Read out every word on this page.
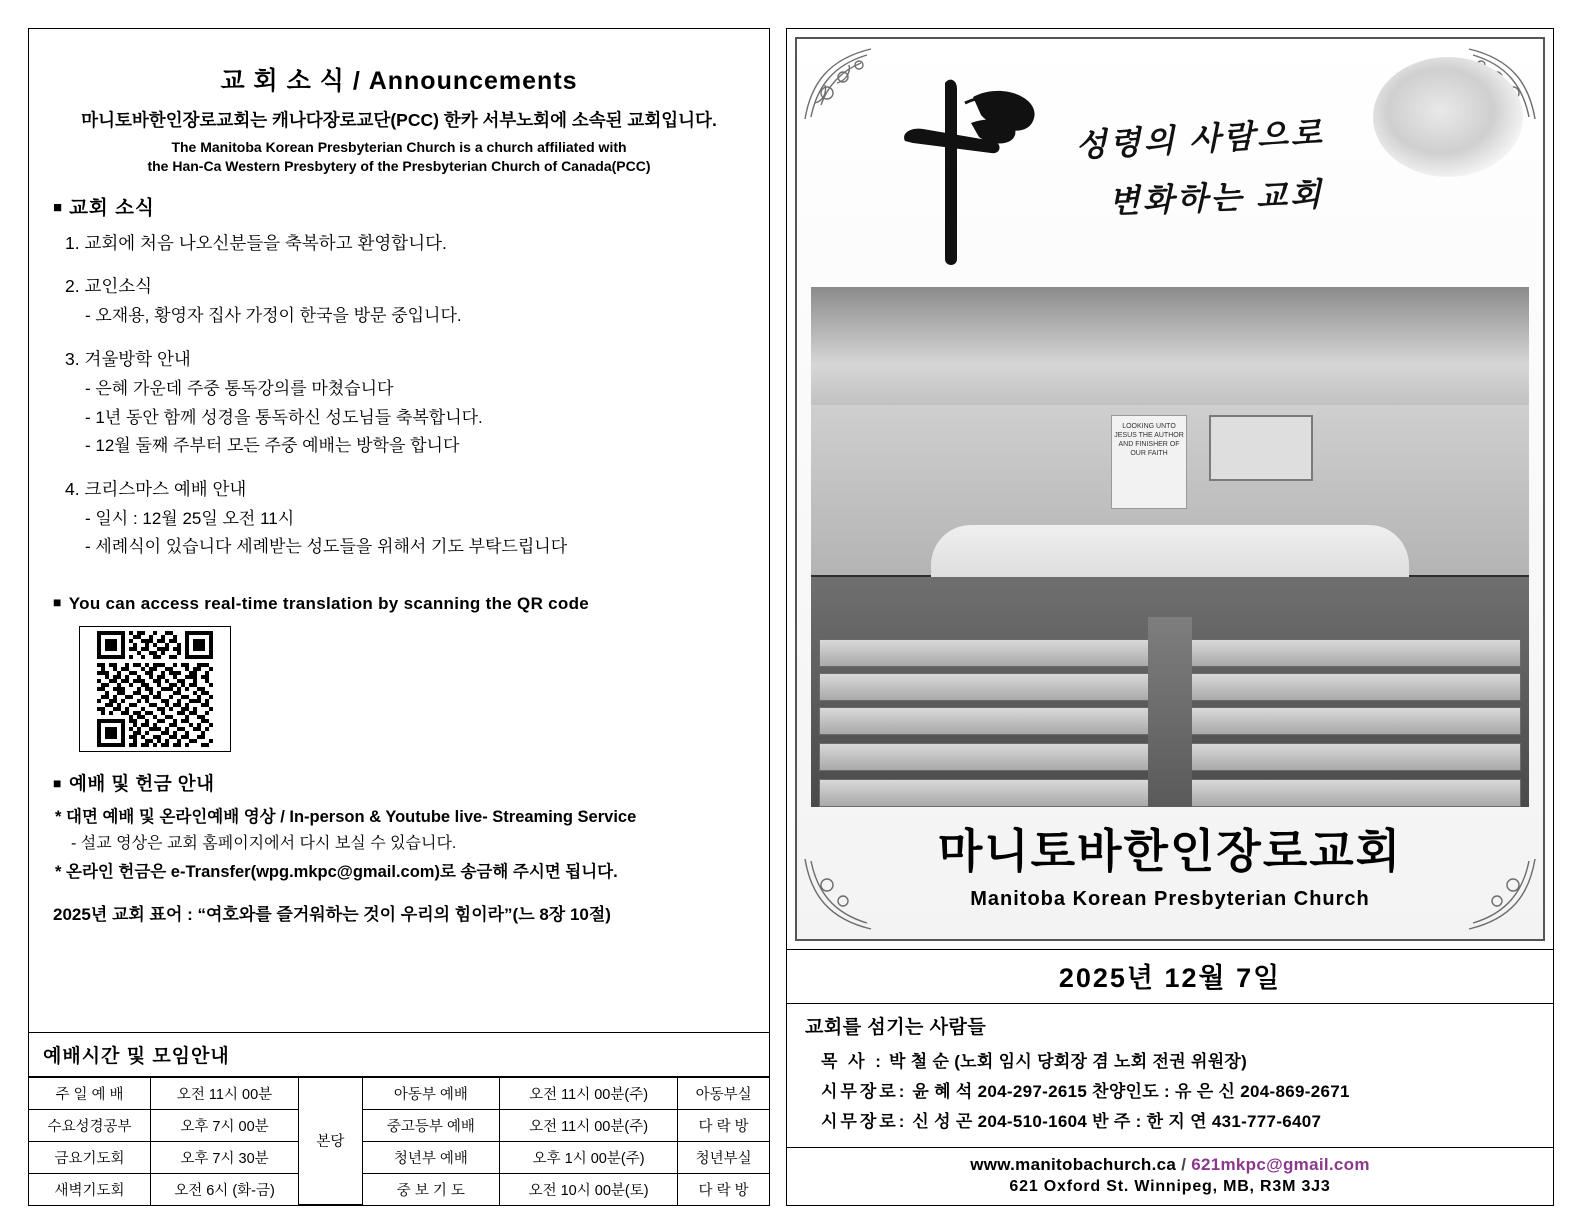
교 회 소 식 / Announcements
마니토바한인장로교회는 캐나다장로교단(PCC) 한카 서부노회에 소속된 교회입니다.
The Manitoba Korean Presbyterian Church is a church affiliated with
the Han-Ca Western Presbytery of the Presbyterian Church of Canada(PCC)
■ 교회 소식
1. 교회에 처음 나오신분들을 축복하고 환영합니다.
2. 교인소식
- 오재용, 황영자 집사 가정이 한국을 방문 중입니다.
3. 겨울방학 안내
- 은혜 가운데 주중 통독강의를 마쳤습니다
- 1년 동안 함께 성경을 통독하신 성도님들 축복합니다.
- 12월 둘째 주부터 모든 주중 예배는 방학을 합니다
4. 크리스마스 예배 안내
- 일시 : 12월 25일 오전 11시
- 세례식이 있습니다 세례받는 성도들을 위해서 기도 부탁드립니다
■ You can access real-time translation by scanning the QR code
■ 예배 및 헌금 안내
* 대면 예배 및 온라인예배 영상 / In-person & Youtube live- Streaming Service
- 설교 영상은 교회 홈페이지에서 다시 보실 수 있습니다.
* 온라인 헌금은 e-Transfer(wpg.mkpc@gmail.com)로 송금해 주시면 됩니다.
2025년 교회 표어 : “여호와를 즐거워하는 것이 우리의 힘이라”(느 8장 10절)
예배시간 및 모임안내
주 일 예 배	오전 11시 00분	본당	아동부 예배	오전 11시 00분(주)	아동부실
수요성경공부	오후 7시 00분		중고등부 예배	오전 11시 00분(주)	다 락 방
금요기도회	오후 7시 30분		청년부 예배	오후 1시 00분(주)	청년부실
새벽기도회	오전 6시 (화-금)		중 보 기 도	오전 10시 00분(토)	다 락 방
성령의 사람으로
변화하는 교회
LOOKING UNTO JESUS THE AUTHOR AND FINISHER OF OUR FAITH
마니토바한인장로교회
Manitoba Korean Presbyterian Church
2025년 12월 7일
교회를 섬기는 사람들
목 사 : 박 철 순 (노회 임시 당회장 겸 노회 전권 위원장)
시무장로: 윤 혜 석 204-297-2615 찬양인도 : 유 은 신 204-869-2671
시무장로: 신 성 곤 204-510-1604 반 주 : 한 지 연 431-777-6407
www.manitobachurch.ca / 621mkpc@gmail.com
621 Oxford St. Winnipeg, MB, R3M 3J3
